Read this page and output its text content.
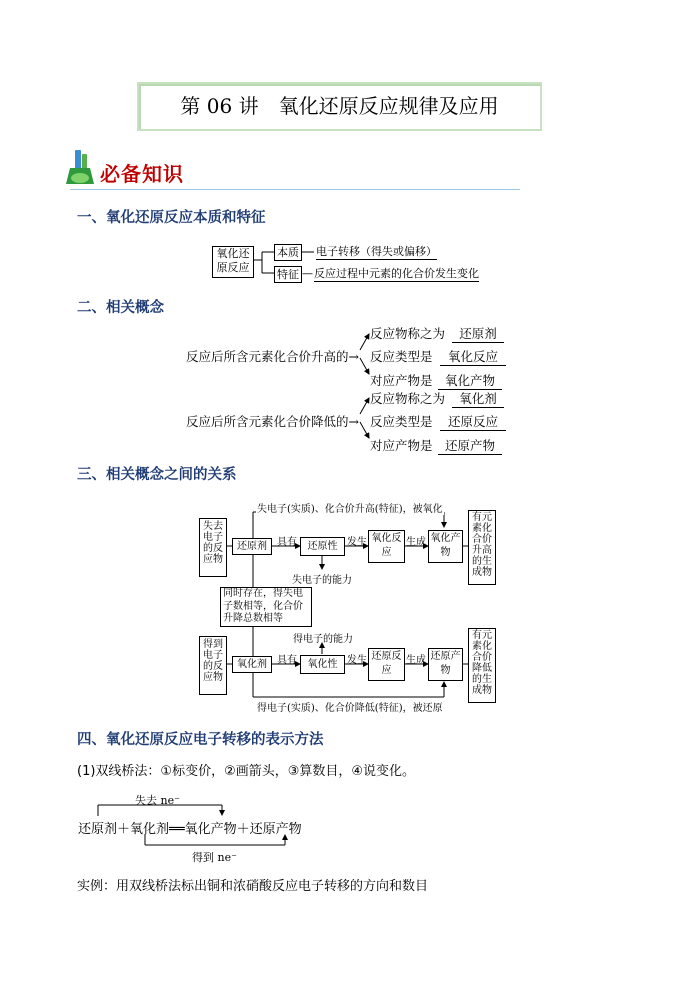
第 06 讲　氧化还原反应规律及应用
必备知识
一、氧化还原反应本质和特征
氧化还原反应
本质 电子转移（得失或偏移）
特征 — 反应过程中元素的化合价发生变化
二、相关概念
反应后所含元素化合价升高的→
反应物称之为	还原剂
反应类型是	氧化反应
对应产物是 氧化产物
反应后所含元素化合价降低的→
反应物称之为	氧化剂
反应类型是	还原反应
对应产物是 还原产物
三、相关概念之间的关系
失电子(实质)、化合价升高(特征)，被氧化
得电子(实质)、化合价降低(特征)，被还原
失去电子的反应物
有元素化合价升高的生成物
得到电子的反应物
有元素化合价降低的生成物
还原剂	具有	还原性 发生 氧化反应
生成 氧化产物
失电子的能力
同时存在，得失电子数相等，化合价升降总数相等
得电子的能力
氧化剂	具有	氧化性 发生 还原反应
生成 还原产物
四、氧化还原反应电子转移的表示方法
(1)双线桥法：①标变价，②画箭头，③算数目，④说变化。
失去 ne⁻
还原剂＋氧化剂══氧化产物＋还原产物
得到 ne⁻
实例：用双线桥法标出铜和浓硝酸反应电子转移的方向和数目
